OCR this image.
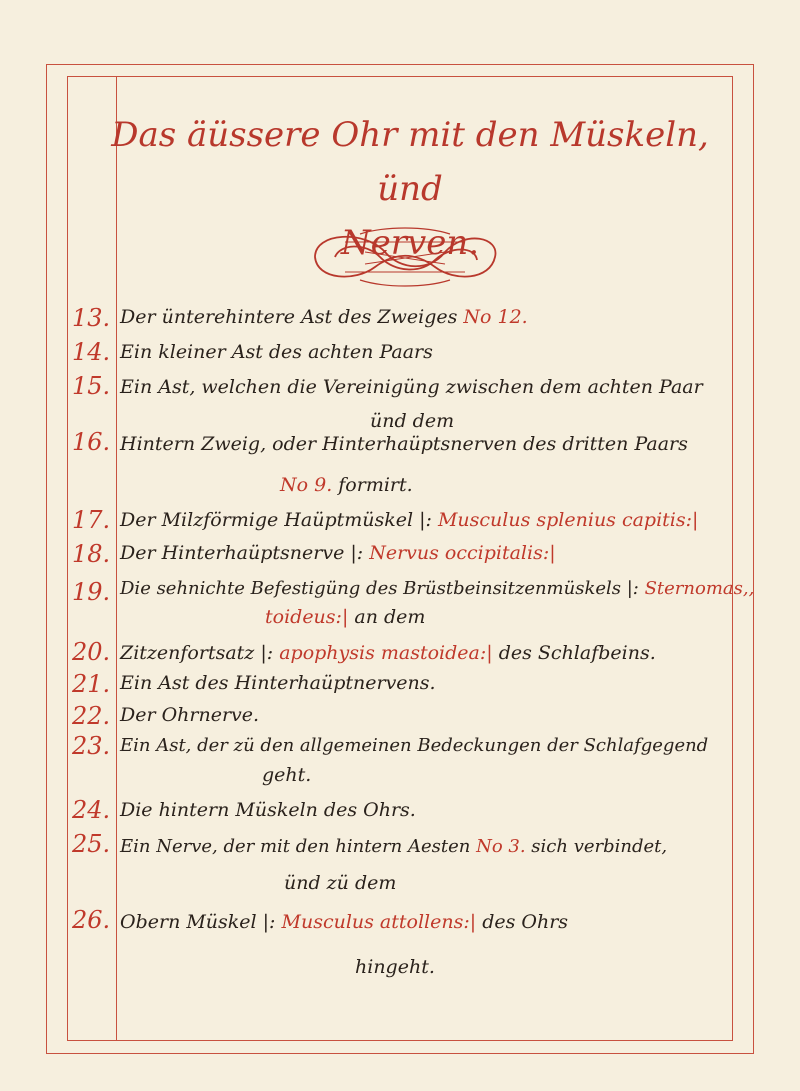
Das äüssere Ohr mit den Müskeln, ünd
Nerven.
13. Der ünterehintere Ast des Zweiges No 12.
14. Ein kleiner Ast des achten Paars
15. Ein Ast, welchen die Vereinigüng zwischen dem achten Paar
ünd dem
16. Hintern Zweig, oder Hinterhaüptsnerven des dritten Paars
No 9. formirt.
17. Der Milzförmige Haüptmüskel |: Musculus splenius capitis:|
18. Der Hinterhaüptsnerve |: Nervus occipitalis:|
19. Die sehnichte Befestigüng des Brüstbeinsitzenmüskels |: Sternomas,,
toideus:| an dem
20. Zitzenfortsatz |: apophysis mastoidea:| des Schlafbeins.
21. Ein Ast des Hinterhaüptnervens.
22. Der Ohrnerve.
23. Ein Ast, der zü den allgemeinen Bedeckungen der Schlafgegend
geht.
24. Die hintern Müskeln des Ohrs.
25. Ein Nerve, der mit den hintern Aesten No 3. sich verbindet,
ünd zü dem
26. Obern Müskel |: Musculus attollens:| des Ohrs
hingeht.
